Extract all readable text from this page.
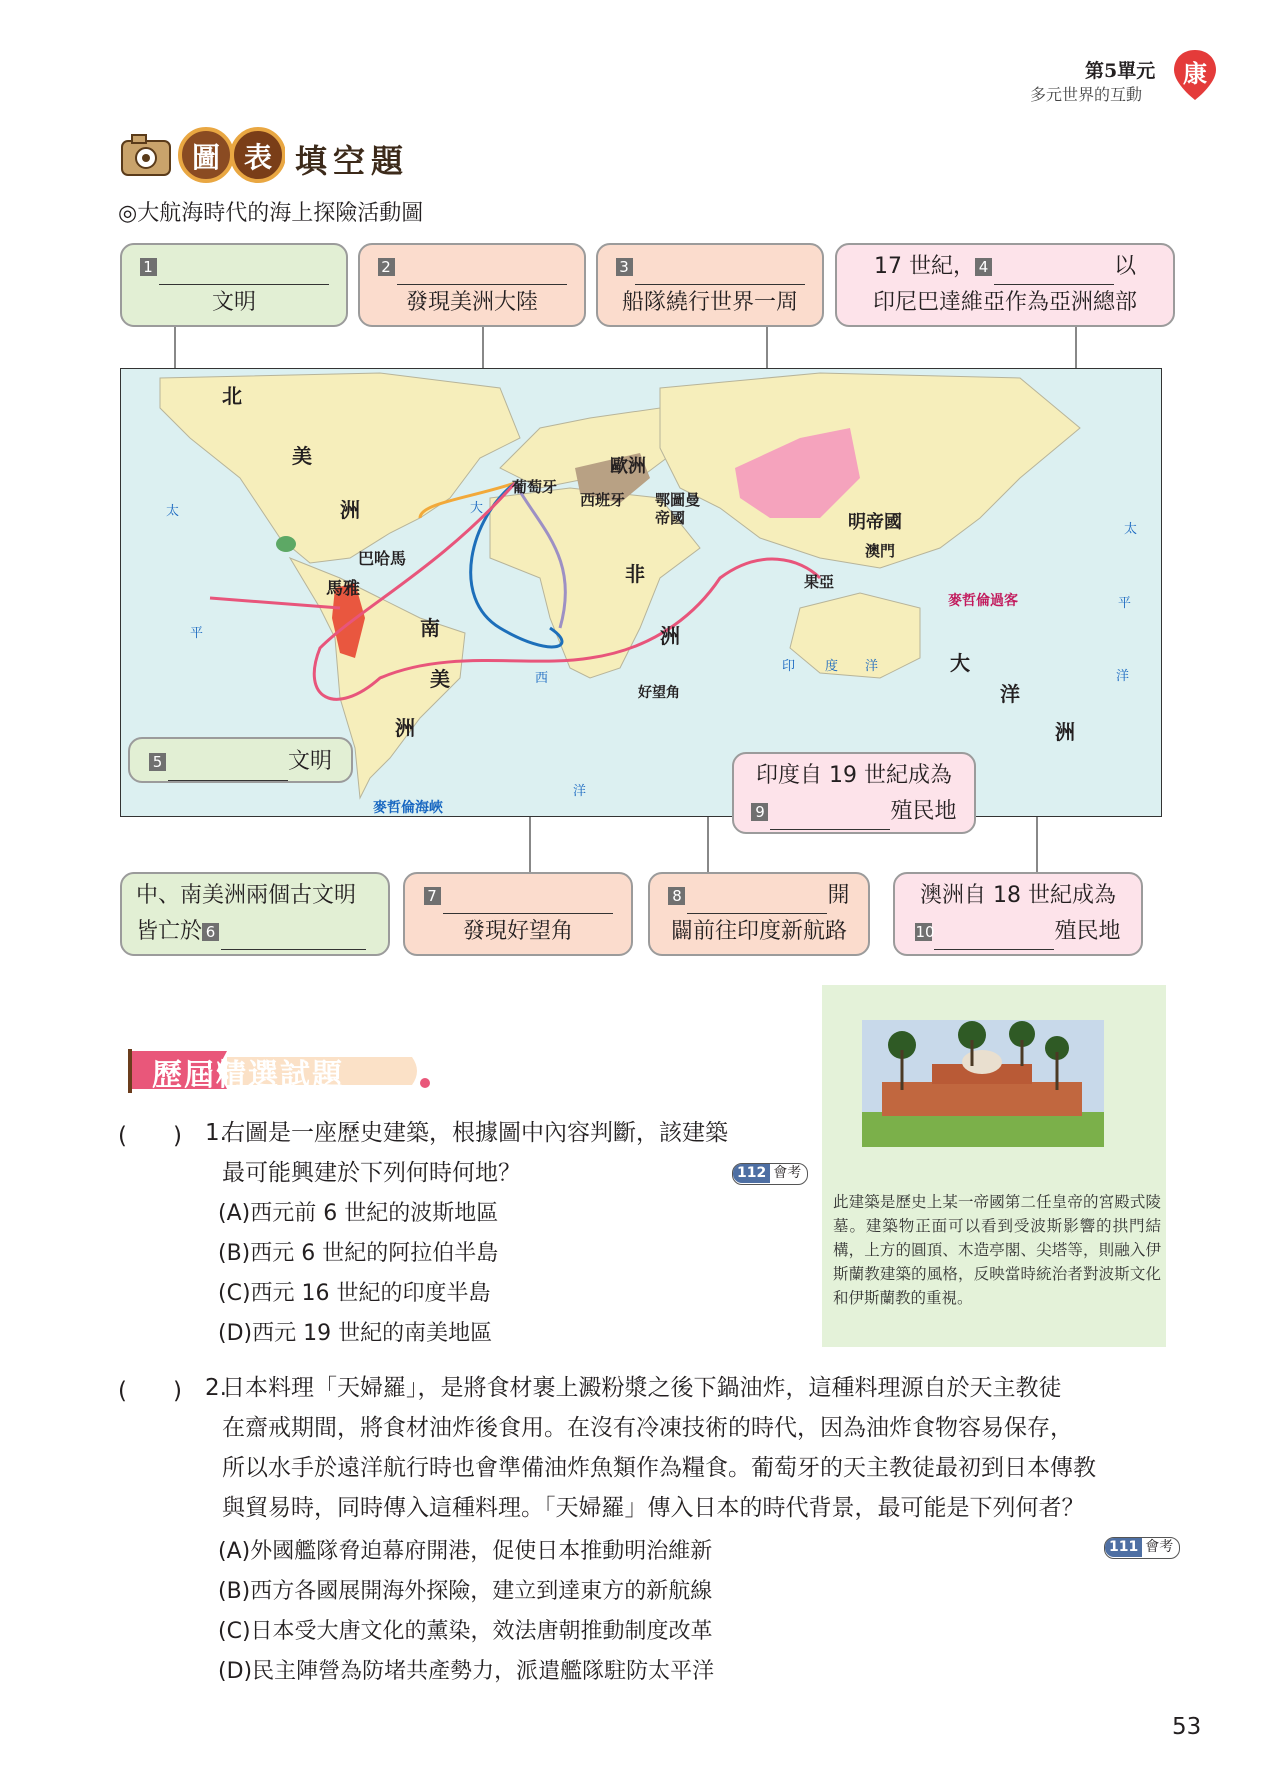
第5單元
多元世界的互動
康
圖 表 填空題
◎大航海時代的海上探險活動圖
1
文明
2
發現美洲大陸
3
船隊繞行世界一周
17 世紀， 4	以
印尼巴達維亞作為亞洲總部
北
美
洲
南
美
洲
非
洲
歐洲
葡萄牙
西班牙 鄂圖曼
帝國	明帝國
澳門
巴哈馬
馬雅
好望角
果亞
大
洋
洲
麥哲倫過客
麥哲倫海峽
大
西
洋
印 度 洋
太
平
太
平
洋
5	文明
印度自 19 世紀成為
9	殖民地
中、南美洲兩個古文明
皆亡於 6
7
發現好望角
8	開
闢前往印度新航路
澳洲自 18 世紀成為
10	殖民地
歷屆精選試題
(　　) 1.
右圖是一座歷史建築，根據圖中內容判斷，該建築
最可能興建於下列何時何地？	112 會考
(A)西元前 6 世紀的波斯地區
(B)西元 6 世紀的阿拉伯半島
(C)西元 16 世紀的印度半島
(D)西元 19 世紀的南美地區
此建築是歷史上某一帝國第二任皇帝的宮殿式陵墓。建築物正面可以看到受波斯影響的拱門結構，上方的圓頂、木造亭閣、尖塔等，則融入伊斯蘭教建築的風格，反映當時統治者對波斯文化和伊斯蘭教的重視。
(　　) 2.
日本料理「天婦羅」，是將食材裹上澱粉漿之後下鍋油炸，這種料理源自於天主教徒
在齋戒期間，將食材油炸後食用。在沒有冷凍技術的時代，因為油炸食物容易保存，
所以水手於遠洋航行時也會準備油炸魚類作為糧食。葡萄牙的天主教徒最初到日本傳教
與貿易時，同時傳入這種料理。「天婦羅」傳入日本的時代背景，最可能是下列何者？
111 會考
(A)外國艦隊脅迫幕府開港，促使日本推動明治維新
(B)西方各國展開海外探險，建立到達東方的新航線
(C)日本受大唐文化的薰染，效法唐朝推動制度改革
(D)民主陣營為防堵共產勢力，派遣艦隊駐防太平洋
53
